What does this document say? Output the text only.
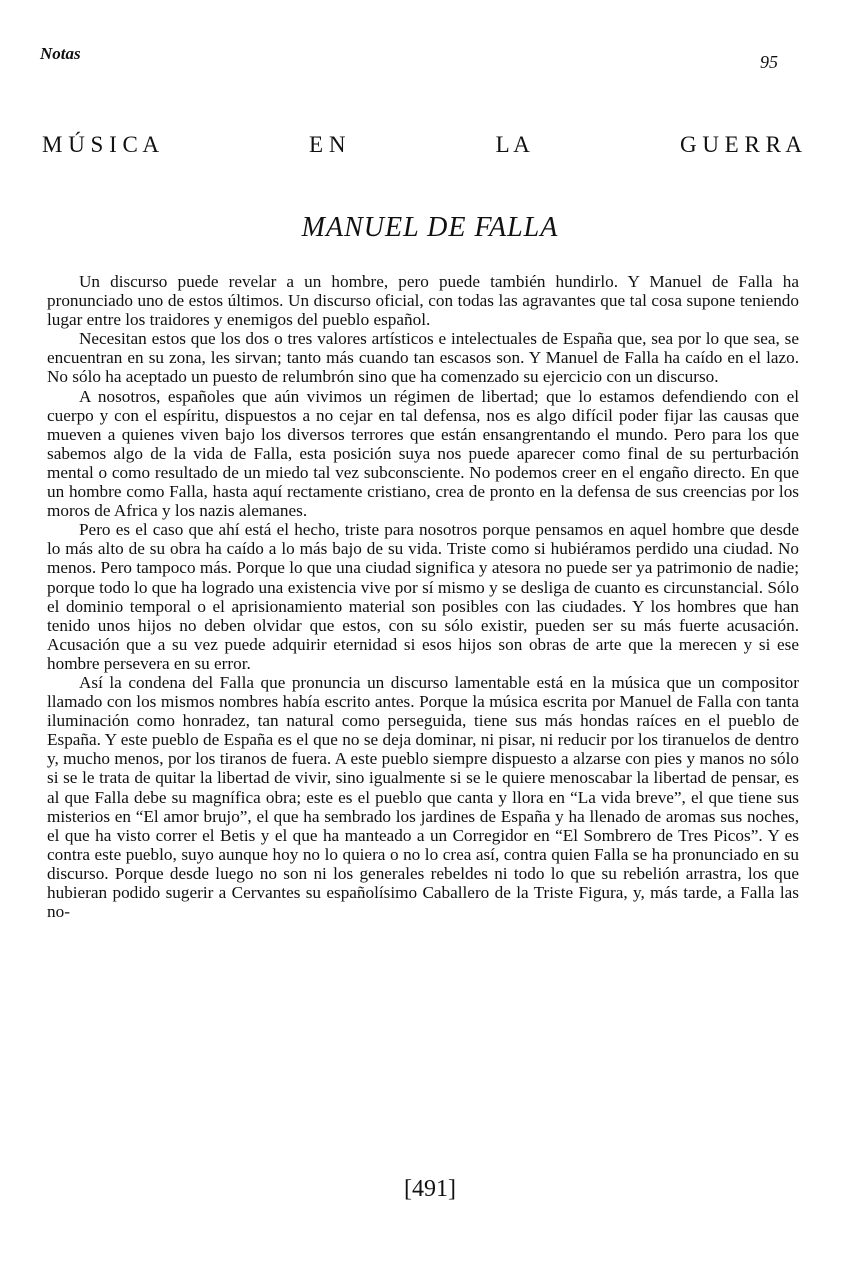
Notas	95
M Ú S I C A	E N	L A	G U E R R A
MANUEL DE FALLA

Un discurso puede revelar a un hombre, pero puede también hundirlo. Y Manuel de Falla ha pronunciado uno de estos últimos. Un discurso oficial, con todas las agravantes que tal cosa supone teniendo lugar entre los traidores y enemigos del pueblo español.

Necesitan estos que los dos o tres valores artísticos e intelectuales de España que, sea por lo que sea, se encuentran en su zona, les sirvan; tanto más cuando tan escasos son. Y Manuel de Falla ha caído en el lazo. No sólo ha aceptado un puesto de relumbrón sino que ha comenzado su ejercicio con un discurso.

A nosotros, españoles que aún vivimos un régimen de libertad; que lo estamos defendiendo con el cuerpo y con el espíritu, dispuestos a no cejar en tal defensa, nos es algo difícil poder fijar las causas que mueven a quienes viven bajo los diversos terrores que están ensangrentando el mundo. Pero para los que sabemos algo de la vida de Falla, esta posición suya nos puede aparecer como final de su perturbación mental o como resultado de un miedo tal vez subconsciente. No podemos creer en el engaño directo. En que un hombre como Falla, hasta aquí rectamente cristiano, crea de pronto en la defensa de sus creencias por los moros de Africa y los nazis alemanes.

Pero es el caso que ahí está el hecho, triste para nosotros porque pensamos en aquel hombre que desde lo más alto de su obra ha caído a lo más bajo de su vida. Triste como si hubiéramos perdido una ciudad. No menos. Pero tampoco más. Porque lo que una ciudad significa y atesora no puede ser ya patrimonio de nadie; porque todo lo que ha logrado una existencia vive por sí mismo y se desliga de cuanto es circunstancial. Sólo el dominio temporal o el aprisionamiento material son posibles con las ciudades. Y los hombres que han tenido unos hijos no deben olvidar que estos, con su sólo existir, pueden ser su más fuerte acusación. Acusación que a su vez puede adquirir eternidad si esos hijos son obras de arte que la merecen y si ese hombre persevera en su error.

Así la condena del Falla que pronuncia un discurso lamentable está en la música que un compositor llamado con los mismos nombres había escrito antes. Porque la música escrita por Manuel de Falla con tanta iluminación como honradez, tan natural como perseguida, tiene sus más hondas raíces en el pueblo de España. Y este pueblo de España es el que no se deja dominar, ni pisar, ni reducir por los tiranuelos de dentro y, mucho menos, por los tiranos de fuera. A este pueblo siempre dispuesto a alzarse con pies y manos no sólo si se le trata de quitar la libertad de vivir, sino igualmente si se le quiere menoscabar la libertad de pensar, es al que Falla debe su magnífica obra; este es el pueblo que canta y llora en “La vida breve”, el que tiene sus misterios en “El amor brujo”, el que ha sembrado los jardines de España y ha llenado de aromas sus noches, el que ha visto correr el Betis y el que ha manteado a un Corregidor en “El Sombrero de Tres Picos”. Y es contra este pueblo, suyo aunque hoy no lo quiera o no lo crea así, contra quien Falla se ha pronunciado en su discurso. Porque desde luego no son ni los generales rebeldes ni todo lo que su rebelión arrastra, los que hubieran podido sugerir a Cervantes su españolísimo Caballero de la Triste Figura, y, más tarde, a Falla las no-

[491]
